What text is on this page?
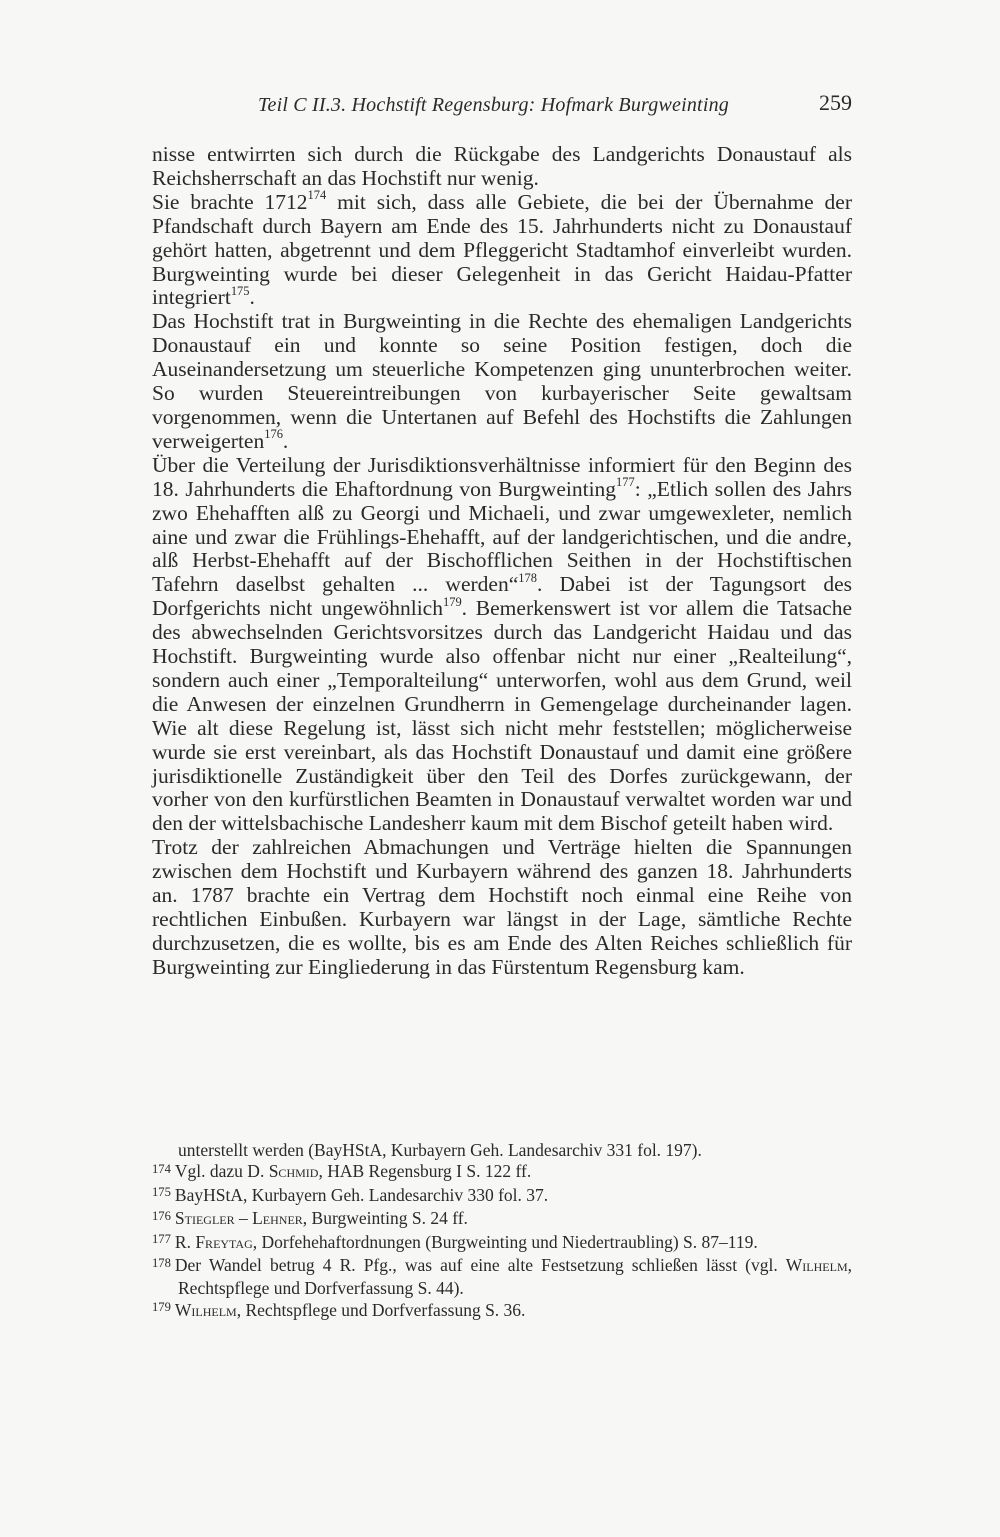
Teil C II.3. Hochstift Regensburg: Hofmark Burgweinting	259

nisse entwirrten sich durch die Rückgabe des Landgerichts Donaustauf als Reichsherrschaft an das Hochstift nur wenig.

Sie brachte 1712$^{174}$ mit sich, dass alle Gebiete, die bei der Übernahme der Pfandschaft durch Bayern am Ende des 15. Jahrhunderts nicht zu Donaustauf gehört hatten, abgetrennt und dem Pfleggericht Stadtamhof einverleibt wurden. Burgweinting wurde bei dieser Gelegenheit in das Gericht Haidau-Pfatter integriert$^{175}$.

Das Hochstift trat in Burgweinting in die Rechte des ehemaligen Landgerichts Donaustauf ein und konnte so seine Position festigen, doch die Auseinandersetzung um steuerliche Kompetenzen ging ununterbrochen weiter. So wurden Steuereintreibungen von kurbayerischer Seite gewaltsam vorgenommen, wenn die Untertanen auf Befehl des Hochstifts die Zahlungen verweigerten$^{176}$.

Über die Verteilung der Jurisdiktionsverhältnisse informiert für den Beginn des 18. Jahrhunderts die Ehaftordnung von Burgweinting$^{177}$: „Etlich sollen des Jahrs zwo Ehehafften alß zu Georgi und Michaeli, und zwar umgewexleter, nemlich aine und zwar die Frühlings-Ehehafft, auf der landgerichtischen, und die andre, alß Herbst-Ehehafft auf der Bischofflichen Seithen in der Hochstiftischen Tafehrn daselbst gehalten ... werden“$^{178}$. Dabei ist der Tagungsort des Dorfgerichts nicht ungewöhnlich$^{179}$. Bemerkenswert ist vor allem die Tatsache des abwechselnden Gerichtsvorsitzes durch das Landgericht Haidau und das Hochstift. Burgweinting wurde also offenbar nicht nur einer „Realteilung“, sondern auch einer „Temporalteilung“ unterworfen, wohl aus dem Grund, weil die Anwesen der einzelnen Grundherrn in Gemengelage durcheinander lagen. Wie alt diese Regelung ist, lässt sich nicht mehr feststellen; möglicherweise wurde sie erst vereinbart, als das Hochstift Donaustauf und damit eine größere jurisdiktionelle Zuständigkeit über den Teil des Dorfes zurückgewann, der vorher von den kurfürstlichen Beamten in Donaustauf verwaltet worden war und den der wittelsbachische Landesherr kaum mit dem Bischof geteilt haben wird.

Trotz der zahlreichen Abmachungen und Verträge hielten die Spannungen zwischen dem Hochstift und Kurbayern während des ganzen 18. Jahrhunderts an. 1787 brachte ein Vertrag dem Hochstift noch einmal eine Reihe von rechtlichen Einbußen. Kurbayern war längst in der Lage, sämtliche Rechte durchzusetzen, die es wollte, bis es am Ende des Alten Reiches schließlich für Burgweinting zur Eingliederung in das Fürstentum Regensburg kam.

unterstellt werden (BayHStA, Kurbayern Geh. Landesarchiv 331 fol. 197).

$^{174}$ Vgl. dazu D. Schmid, HAB Regensburg I S. 122 ff.

$^{175}$ BayHStA, Kurbayern Geh. Landesarchiv 330 fol. 37.

$^{176}$ Stiegler – Lehner, Burgweinting S. 24 ff.

$^{177}$ R. Freytag, Dorfehehaftordnungen (Burgweinting und Niedertraubling) S. 87–119.

$^{178}$ Der Wandel betrug 4 R. Pfg., was auf eine alte Festsetzung schließen lässt (vgl. Wilhelm, Rechtspflege und Dorfverfassung S. 44).

$^{179}$ Wilhelm, Rechtspflege und Dorfverfassung S. 36.
